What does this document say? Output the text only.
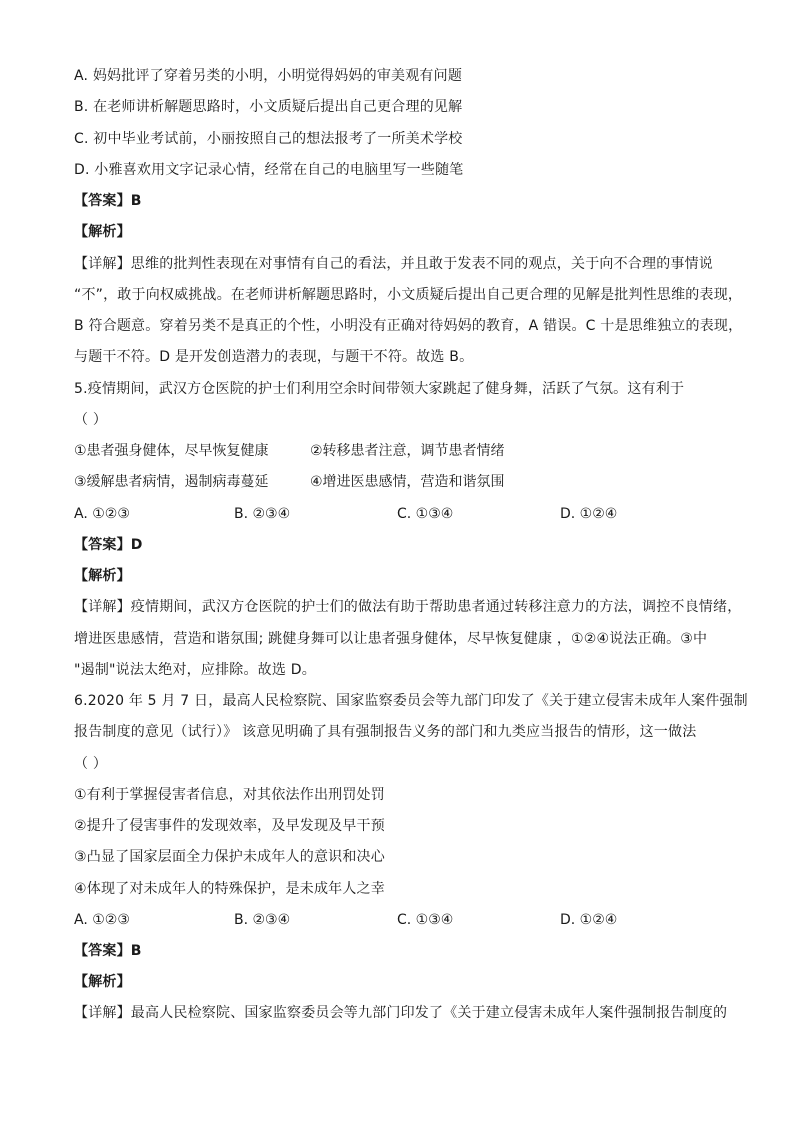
A. 妈妈批评了穿着另类的小明，小明觉得妈妈的审美观有问题
B. 在老师讲析解题思路时，小文质疑后提出自己更合理的见解
C. 初中毕业考试前，小丽按照自己的想法报考了一所美术学校
D. 小雅喜欢用文字记录心情，经常在自己的电脑里写一些随笔
【答案】B
【解析】
【详解】思维的批判性表现在对事情有自己的看法，并且敢于发表不同的观点，关于向不合理的事情说
“不”，敢于向权威挑战。在老师讲析解题思路时，小文质疑后提出自己更合理的见解是批判性思维的表现，
B 符合题意。穿着另类不是真正的个性，小明没有正确对待妈妈的教育，A 错误。C 十是思维独立的表现，
与题干不符。D 是开发创造潜力的表现，与题干不符。故选 B。
5.疫情期间，武汉方仓医院的护士们利用空余时间带领大家跳起了健身舞，活跃了气氛。这有利于
（ ）
①患者强身健体，尽早恢复健康	②转移患者注意，调节患者情绪
③缓解患者病情，遏制病毒蔓延	④增进医患感情，营造和谐氛围
A. ①②③	B. ②③④	C. ①③④	D. ①②④
【答案】D
【解析】
【详解】疫情期间，武汉方仓医院的护士们的做法有助于帮助患者通过转移注意力的方法，调控不良情绪，
增进医患感情，营造和谐氛围; 跳健身舞可以让患者强身健体，尽早恢复健康 ，①②④说法正确。③中
"遏制"说法太绝对，应排除。故选 D。
6.2020 年 5 月 7 日，最高人民检察院、国家监察委员会等九部门印发了《关于建立侵害未成年人案件强制
报告制度的意见（试行）》 该意见明确了具有强制报告义务的部门和九类应当报告的情形，这一做法
（ ）
①有利于掌握侵害者信息，对其依法作出刑罚处罚
②提升了侵害事件的发现效率，及早发现及早干预
③凸显了国家层面全力保护未成年人的意识和决心
④体现了对未成年人的特殊保护，是未成年人之幸
A. ①②③	B. ②③④	C. ①③④	D. ①②④
【答案】B
【解析】
【详解】最高人民检察院、国家监察委员会等九部门印发了《关于建立侵害未成年人案件强制报告制度的
